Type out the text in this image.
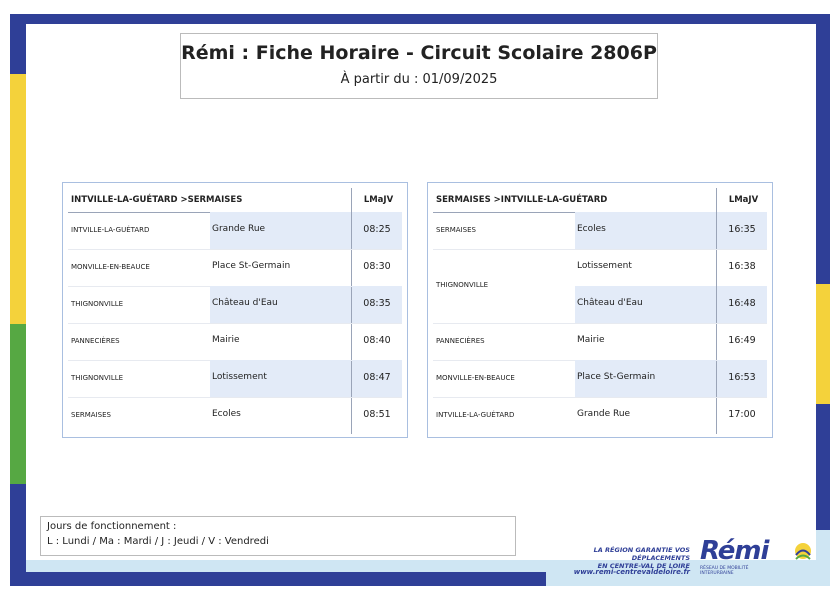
Rémi : Fiche Horaire - Circuit Scolaire 2806P
À partir du : 01/09/2025
INTVILLE-LA-GUÉTARD >SERMAISES	LMaJV
INTVILLE-LA-GUÉTARD	Grande Rue	08:25
MONVILLE-EN-BEAUCE	Place St-Germain	08:30
THIGNONVILLE	Château d'Eau	08:35
PANNECIÈRES	Mairie	08:40
THIGNONVILLE	Lotissement	08:47
SERMAISES	Ecoles	08:51
SERMAISES >INTVILLE-LA-GUÉTARD	LMaJV
SERMAISES	Ecoles	16:35
THIGNONVILLE
Lotissement	16:38
Château d'Eau	16:48
PANNECIÈRES	Mairie	16:49
MONVILLE-EN-BEAUCE	Place St-Germain	16:53
INTVILLE-LA-GUÉTARD	Grande Rue	17:00
Jours de fonctionnement :
L : Lundi / Ma : Mardi / J : Jeudi / V : Vendredi
LA RÉGION GARANTIE VOS DÉPLACEMENTS
EN CENTRE-VAL DE LOIRE
www.remi-centrevaldeloire.fr
Rémi
RÉSEAU DE MOBILITÉ INTERURBAINE
